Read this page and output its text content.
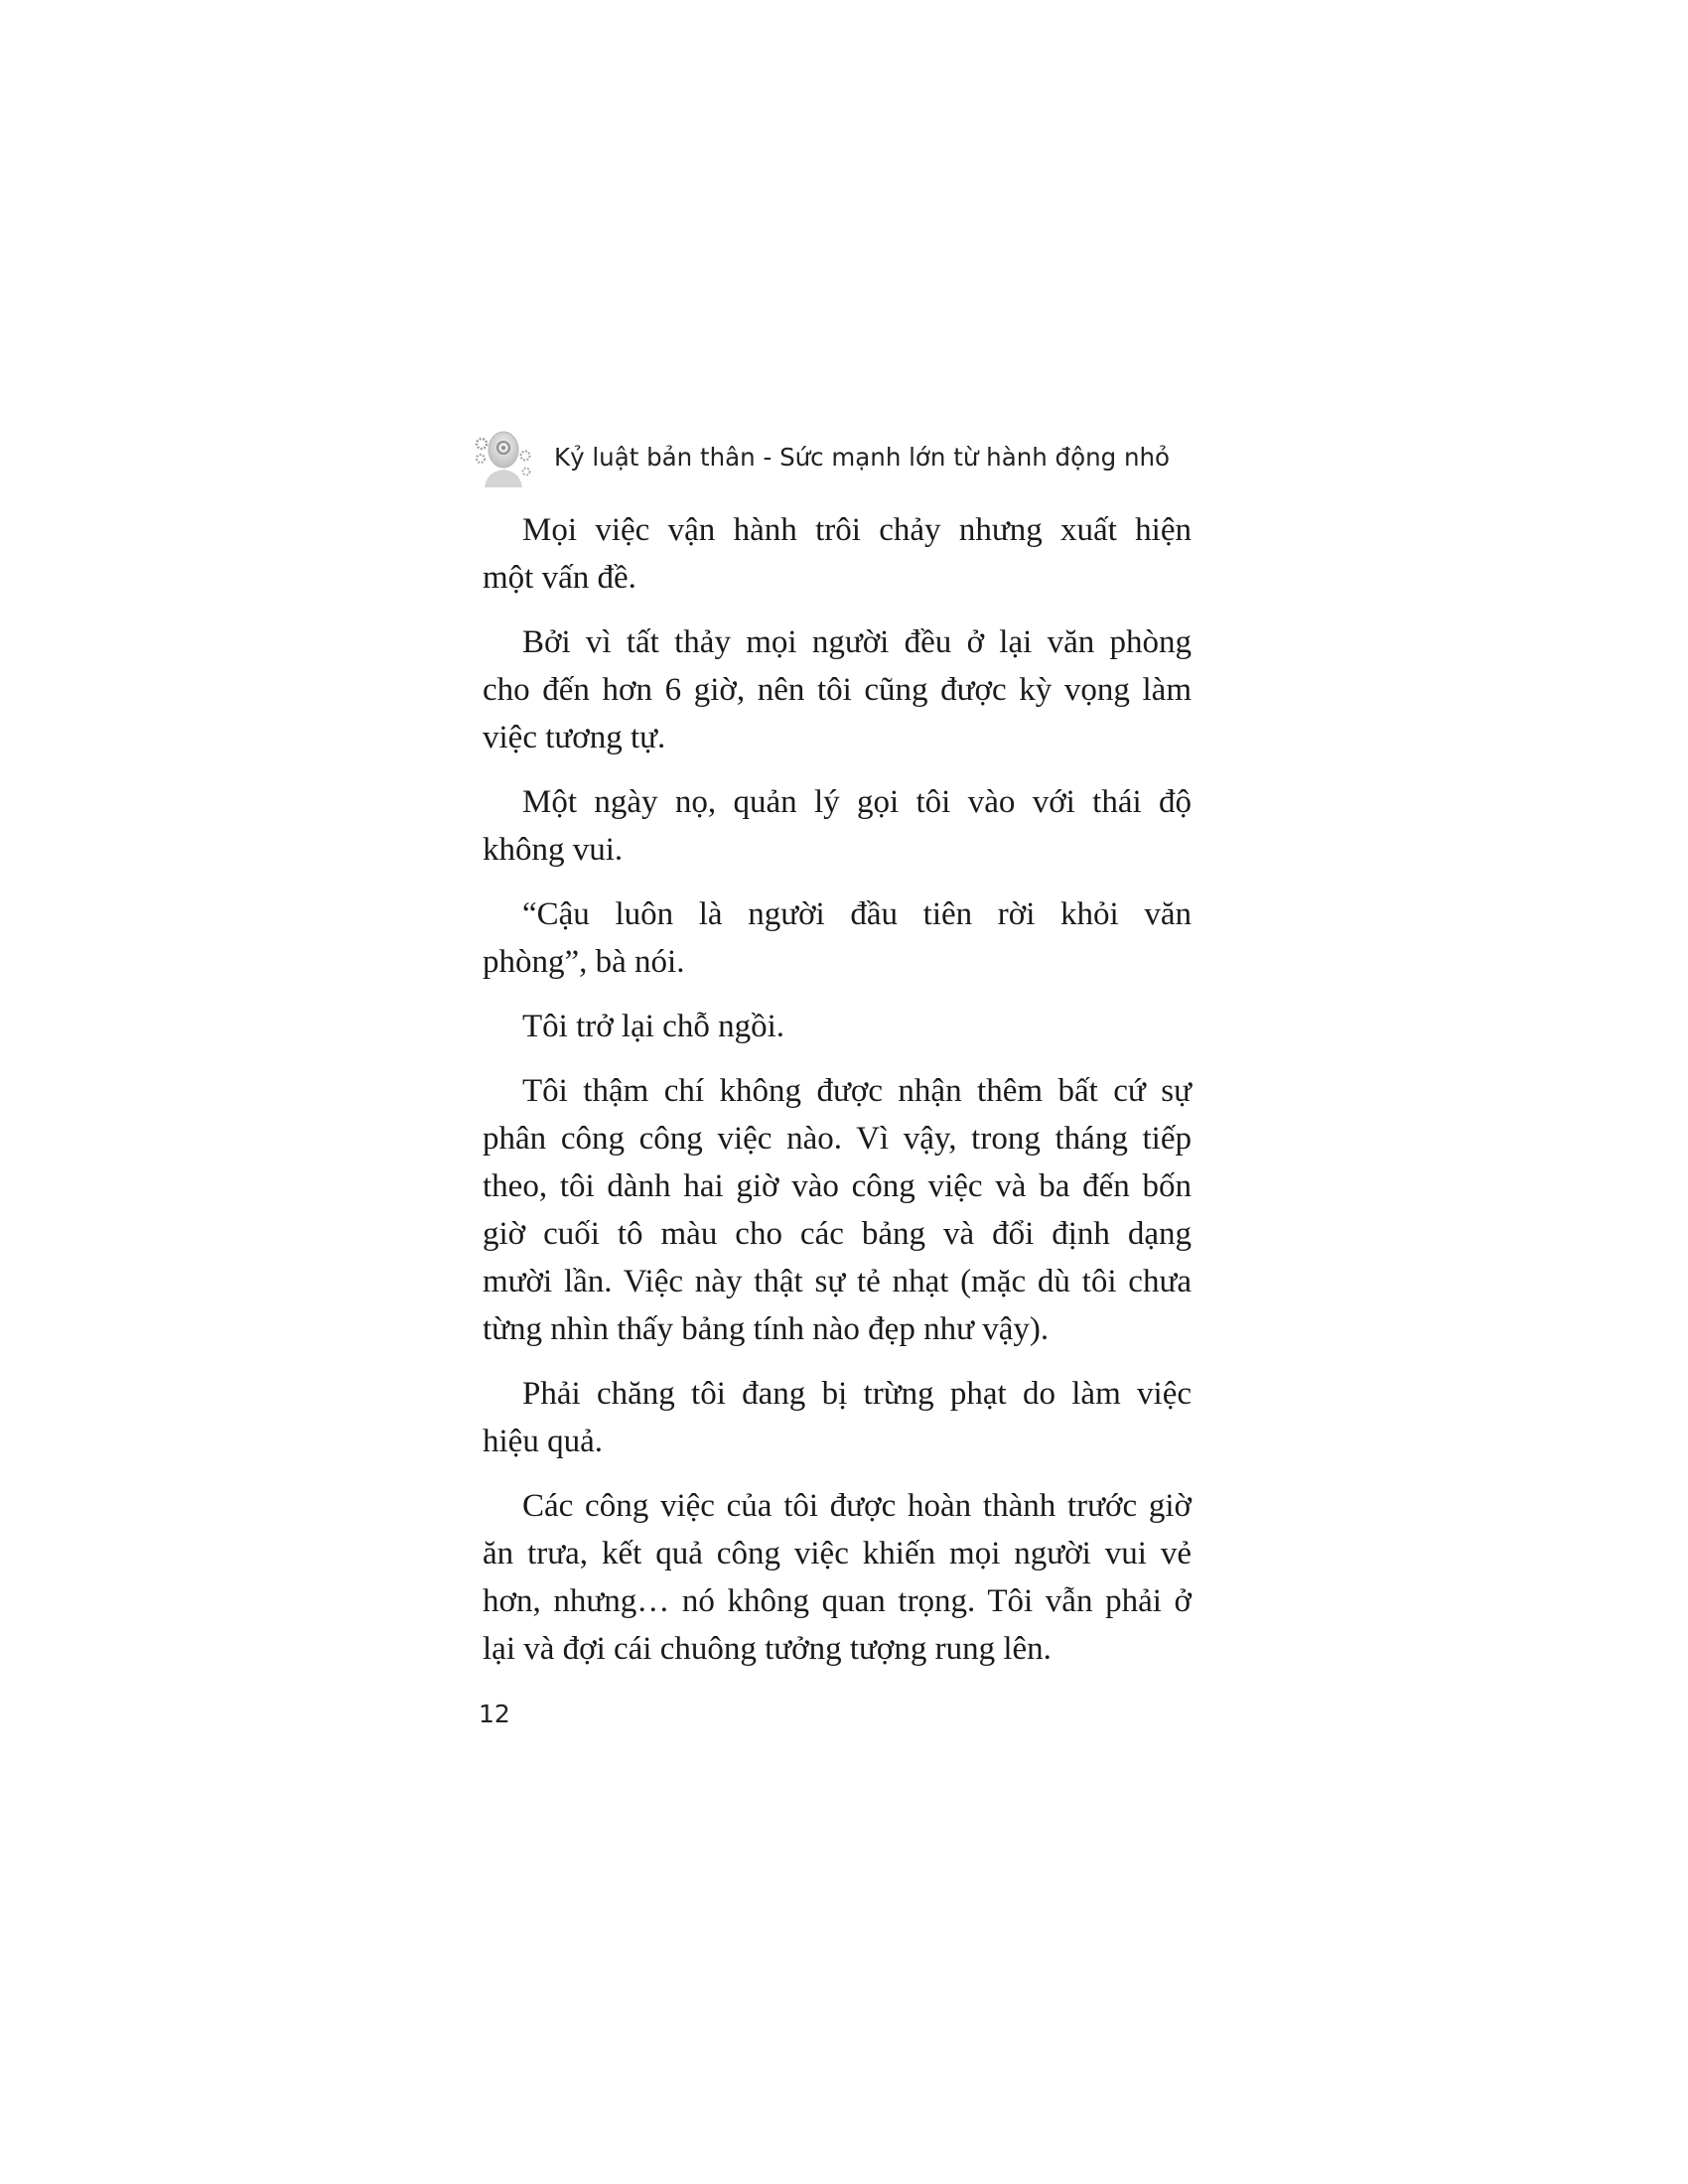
Kỷ luật bản thân - Sức mạnh lớn từ hành động nhỏ

Mọi việc vận hành trôi chảy nhưng xuất hiện
một vấn đề.

Bởi vì tất thảy mọi người đều ở lại văn phòng
cho đến hơn 6 giờ, nên tôi cũng được kỳ vọng làm
việc tương tự.

Một ngày nọ, quản lý gọi tôi vào với thái độ
không vui.

“Cậu luôn là người đầu tiên rời khỏi văn
phòng”, bà nói.

Tôi trở lại chỗ ngồi.

Tôi thậm chí không được nhận thêm bất cứ sự
phân công công việc nào. Vì vậy, trong tháng tiếp
theo, tôi dành hai giờ vào công việc và ba đến bốn
giờ cuối tô màu cho các bảng và đổi định dạng
mười lần. Việc này thật sự tẻ nhạt (mặc dù tôi chưa
từng nhìn thấy bảng tính nào đẹp như vậy).

Phải chăng tôi đang bị trừng phạt do làm việc
hiệu quả.

Các công việc của tôi được hoàn thành trước giờ
ăn trưa, kết quả công việc khiến mọi người vui vẻ
hơn, nhưng… nó không quan trọng. Tôi vẫn phải ở
lại và đợi cái chuông tưởng tượng rung lên.

12
